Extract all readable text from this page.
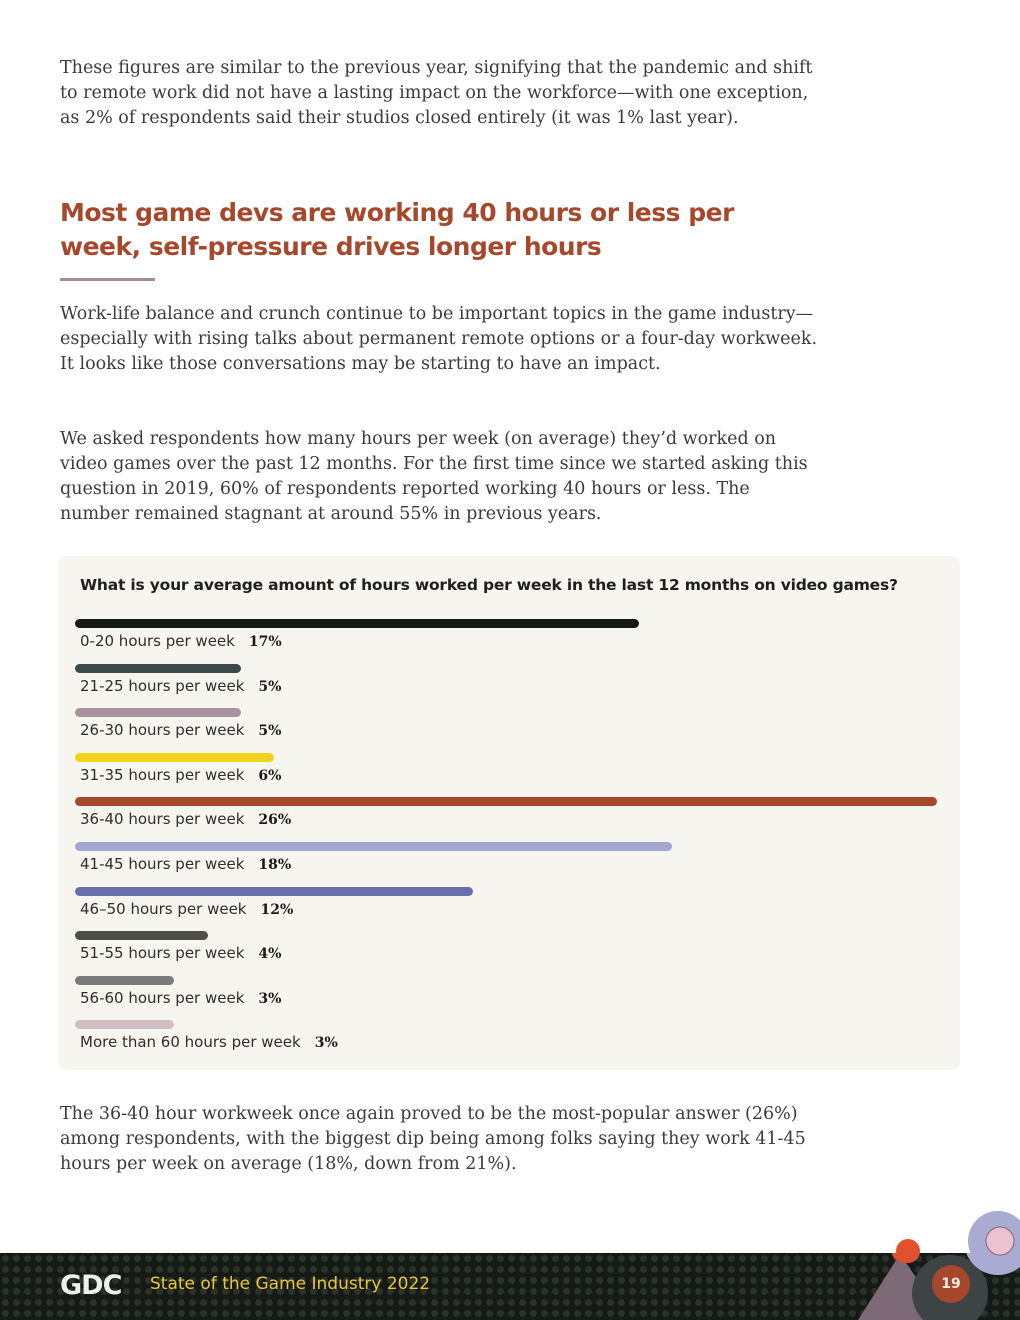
These figures are similar to the previous year, signifying that the pandemic and shift to remote work did not have a lasting impact on the workforce—with one exception, as 2% of respondents said their studios closed entirely (it was 1% last year).

Most game devs are working 40 hours or less per week, self-pressure drives longer hours

Work-life balance and crunch continue to be important topics in the game industry—especially with rising talks about permanent remote options or a four-day workweek. It looks like those conversations may be starting to have an impact.

We asked respondents how many hours per week (on average) they’d worked on video games over the past 12 months. For the first time since we started asking this question in 2019, 60% of respondents reported working 40 hours or less. The number remained stagnant at around 55% in previous years.

What is your average amount of hours worked per week in the last 12 months on video games?
0-20 hours per week 17%
21-25 hours per week 5%
26-30 hours per week 5%
31-35 hours per week 6%
36-40 hours per week 26%
41-45 hours per week 18%
46–50 hours per week 12%
51-55 hours per week 4%
56-60 hours per week 3%
More than 60 hours per week 3%

The 36-40 hour workweek once again proved to be the most-popular answer (26%) among respondents, with the biggest dip being among folks saying they work 41-45 hours per week on average (18%, down from 21%).

GDC State of the Game Industry 2022	19
